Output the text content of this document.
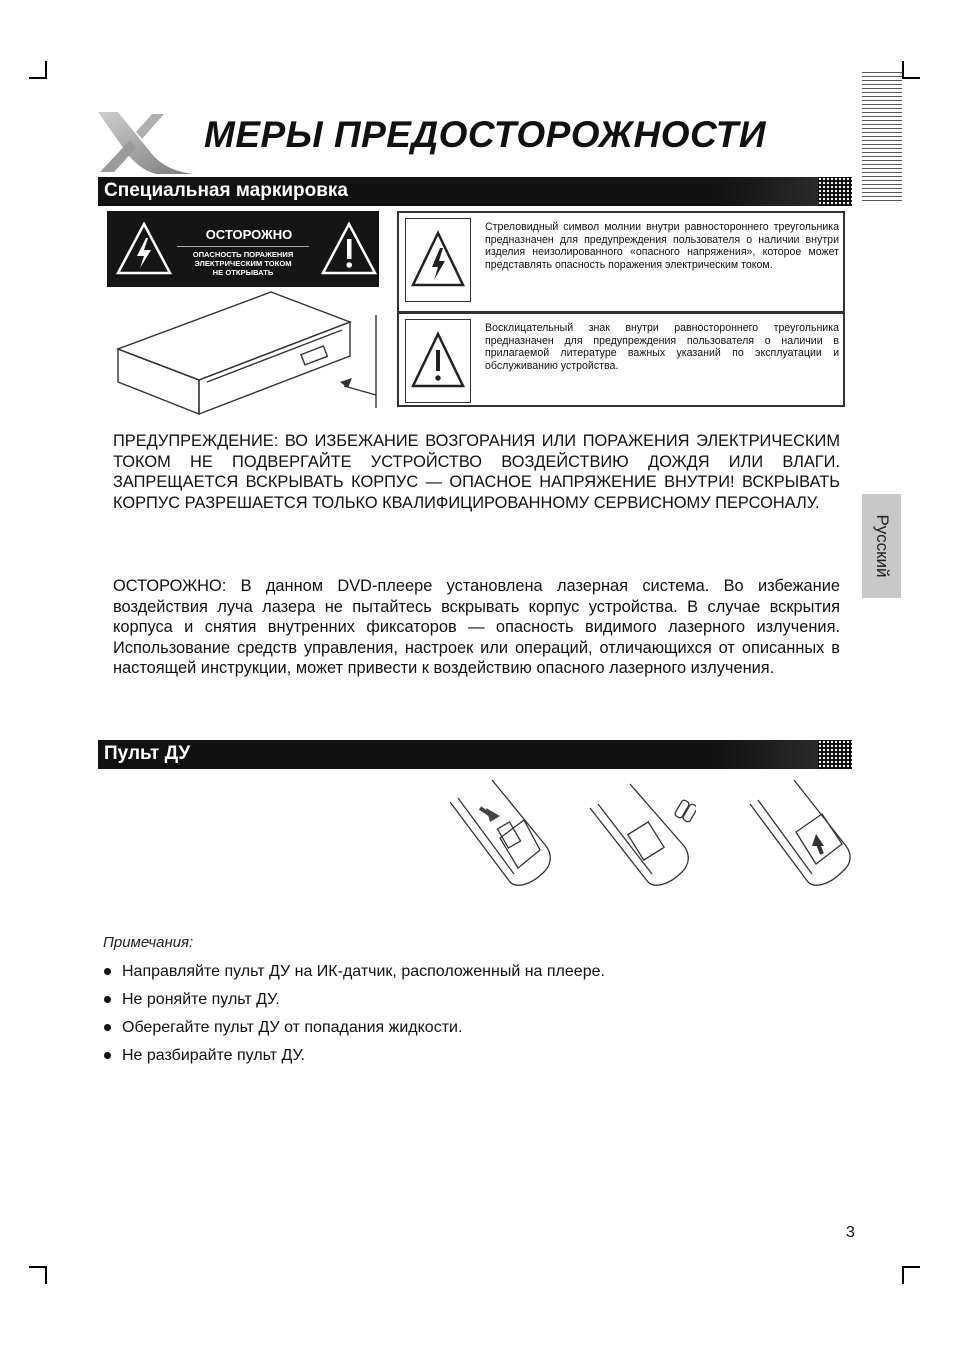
Русский
МЕРЫ ПРЕДОСТОРОЖНОСТИ
Специальная маркировка
ОСТОРОЖНО
ОПАСНОСТЬ ПОРАЖЕНИЯ
ЭЛЕКТРИЧЕСКИМ ТОКОМ
НЕ ОТКРЫВАТЬ
Стреловидный символ молнии внутри равностороннего треугольника предназначен для предупреждения пользователя о наличии внутри изделия неизолированного «опасного напряжения», которое может представлять опасность поражения электрическим током.
Восклицательный знак внутри равностороннего треугольника предназначен для предупреждения пользователя о наличии в прилагаемой литературе важных указаний по эксплуатации и обслуживанию устройства.

ПРЕДУПРЕЖДЕНИЕ: ВО ИЗБЕЖАНИЕ ВОЗГОРАНИЯ ИЛИ ПОРАЖЕНИЯ ЭЛЕКТРИЧЕСКИМ ТОКОМ НЕ ПОДВЕРГАЙТЕ УСТРОЙСТВО ВОЗДЕЙСТВИЮ ДОЖДЯ ИЛИ ВЛАГИ. ЗАПРЕЩАЕТСЯ ВСКРЫВАТЬ КОРПУС — ОПАСНОЕ НАПРЯЖЕНИЕ ВНУТРИ! ВСКРЫВАТЬ КОРПУС РАЗРЕШАЕТСЯ ТОЛЬКО КВАЛИФИЦИРОВАННОМУ СЕРВИСНОМУ ПЕРСОНАЛУ.

ОСТОРОЖНО: В данном DVD-плеере установлена лазерная система. Во избежание воздействия луча лазера не пытайтесь вскрывать корпус устройства. В случае вскрытия корпуса и снятия внутренних фиксаторов — опасность видимого лазерного излучения. Использование средств управления, настроек или операций, отличающихся от описанных в настоящей инструкции, может привести к воздействию опасного лазерного излучения.

Пульт ДУ
Примечания:
Направляйте пульт ДУ на ИК-датчик, расположенный на плеере.
Не роняйте пульт ДУ.
Оберегайте пульт ДУ от попадания жидкости.
Не разбирайте пульт ДУ.
3
